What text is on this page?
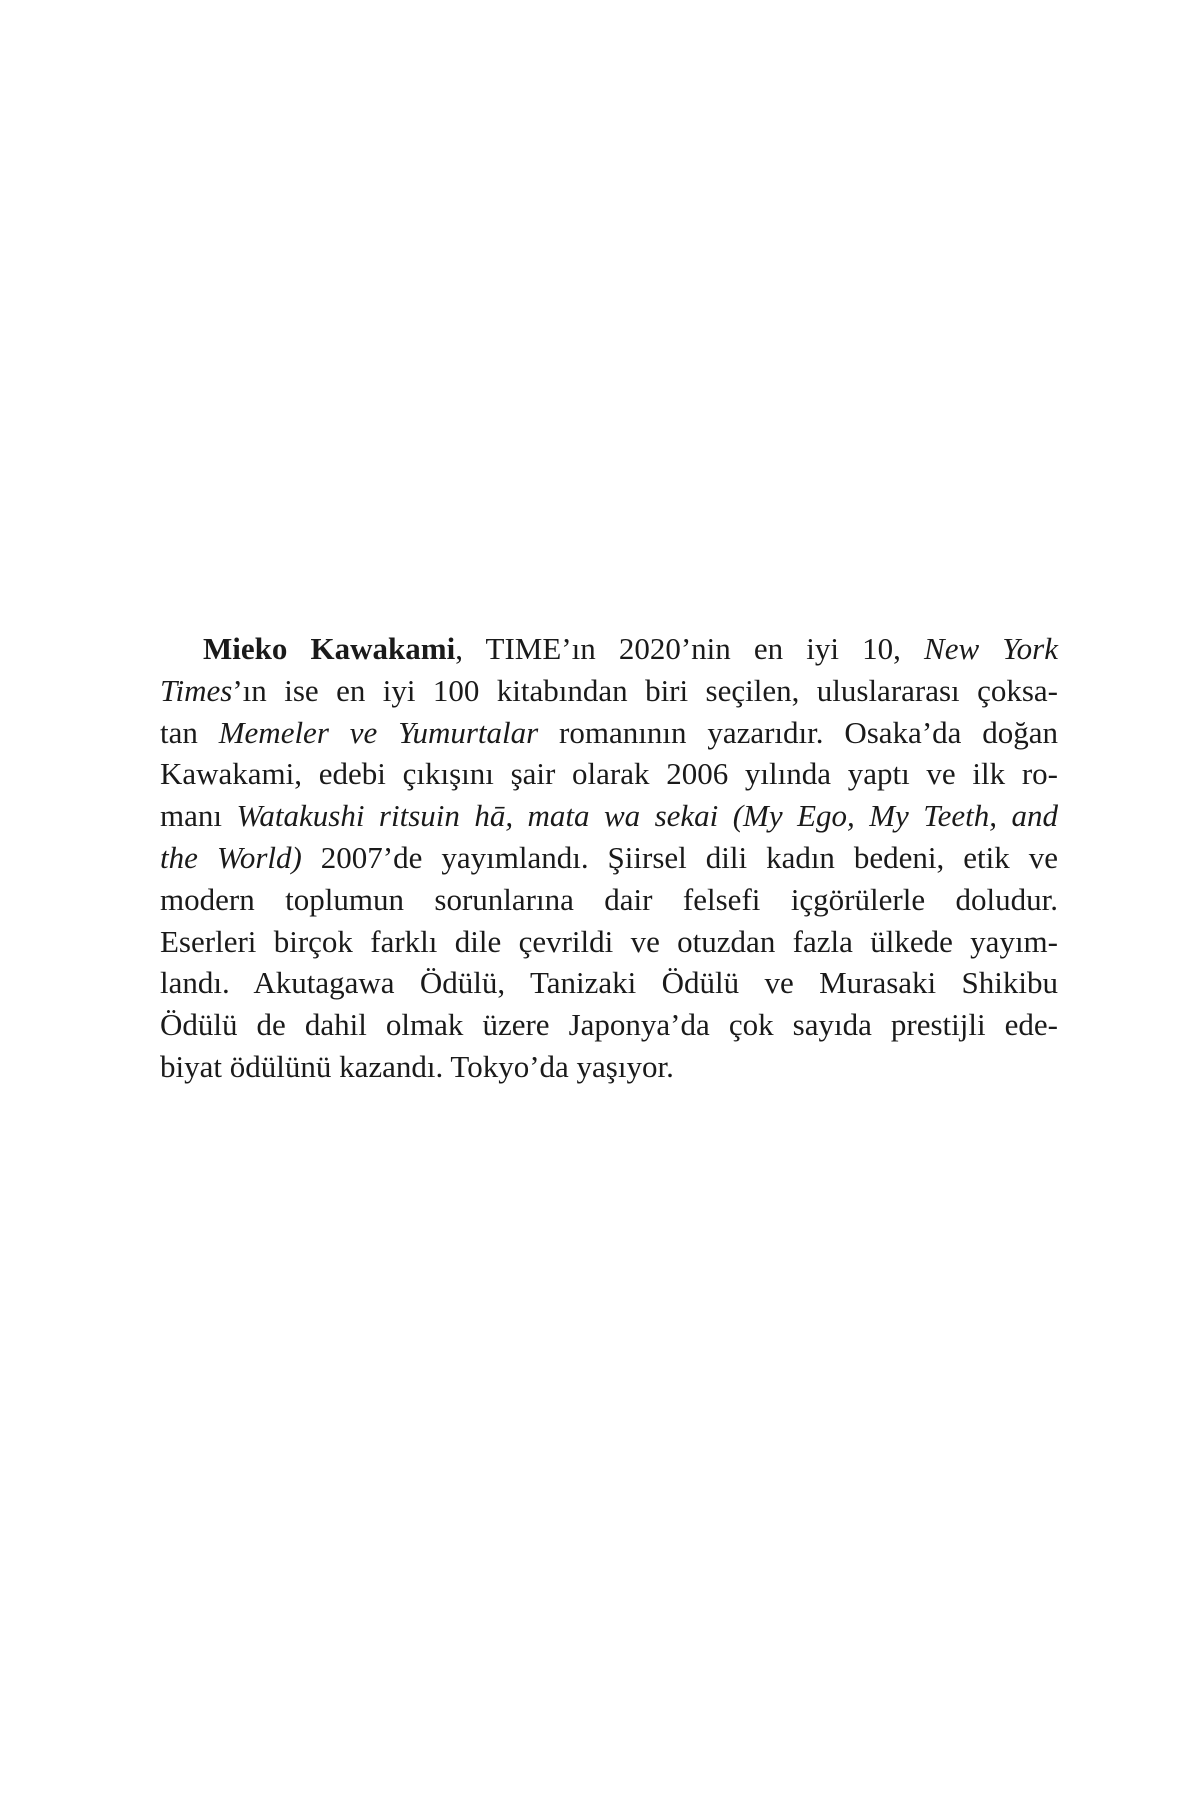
Mieko Kawakami, TIME’ın 2020’nin en iyi 10, New York
Times’ın ise en iyi 100 kitabından biri seçilen, uluslararası çoksa-
tan Memeler ve Yumurtalar romanının yazarıdır. Osaka’da doğan
Kawakami, edebi çıkışını şair olarak 2006 yılında yaptı ve ilk ro-
manı Watakushi ritsuin hā, mata wa sekai (My Ego, My Teeth, and
the World) 2007’de yayımlandı. Şiirsel dili kadın bedeni, etik ve
modern toplumun sorunlarına dair felsefi içgörülerle doludur.
Eserleri birçok farklı dile çevrildi ve otuzdan fazla ülkede yayım-
landı. Akutagawa Ödülü, Tanizaki Ödülü ve Murasaki Shikibu
Ödülü de dahil olmak üzere Japonya’da çok sayıda prestijli ede-
biyat ödülünü kazandı. Tokyo’da yaşıyor.
